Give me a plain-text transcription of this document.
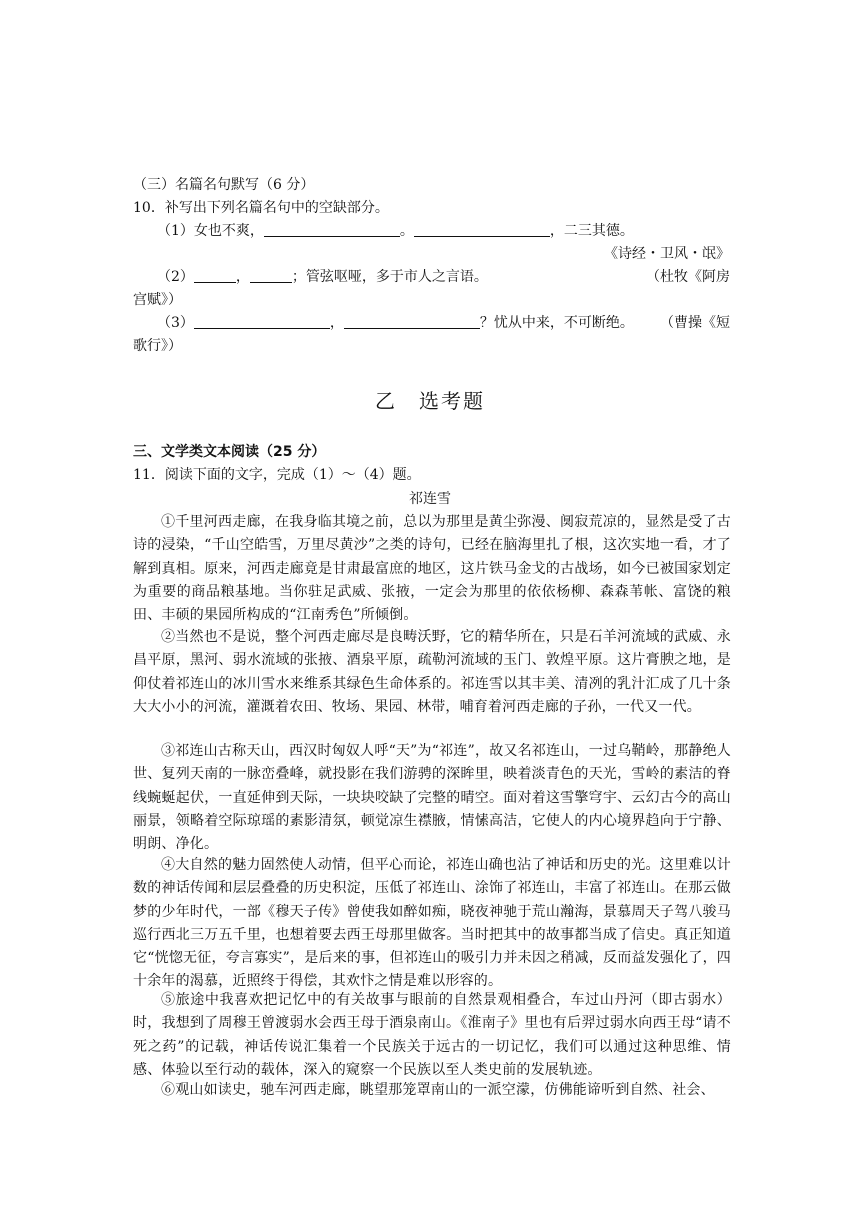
（三）名篇名句默写（6 分）
10．补写出下列名篇名句中的空缺部分。
（1）女也不爽，	。	，二三其德。
《诗经・卫风・氓》
（2）	，	；管弦呕哑，多于市人之言语。	（杜牧《阿房
宫赋》）
（3）	，	？忧从中来，不可断绝。	（曹操《短
歌行》）
乙　选考题
三、文学类文本阅读（25 分）
11．阅读下面的文字，完成（1）～（4）题。
祁连雪
①千里河西走廊，在我身临其境之前，总以为那里是黄尘弥漫、阒寂荒凉的，显然是受了古诗的浸染，“千山空皓雪，万里尽黄沙”之类的诗句，已经在脑海里扎了根，这次实地一看，才了解到真相。原来，河西走廊竟是甘肃最富庶的地区，这片铁马金戈的古战场，如今已被国家划定为重要的商品粮基地。当你驻足武威、张掖，一定会为那里的依依杨柳、森森苇帐、富饶的粮田、丰硕的果园所构成的“江南秀色”所倾倒。
②当然也不是说，整个河西走廊尽是良畴沃野，它的精华所在，只是石羊河流域的武威、永昌平原，黑河、弱水流域的张掖、酒泉平原，疏勒河流域的玉门、敦煌平原。这片膏腴之地，是仰仗着祁连山的冰川雪水来维系其绿色生命体系的。祁连雪以其丰美、清冽的乳汁汇成了几十条大大小小的河流，灌溉着农田、牧场、果园、林带，哺育着河西走廊的子孙，一代又一代。
③祁连山古称天山，西汉时匈奴人呼“天”为“祁连”，故又名祁连山，一过乌鞘岭，那静绝人世、复列天南的一脉峦叠峰，就投影在我们游骋的深眸里，映着淡青色的天光，雪岭的素洁的脊线蜿蜒起伏，一直延伸到天际，一块块咬缺了完整的晴空。面对着这雪擎穹宇、云幻古今的高山丽景，领略着空际琼瑶的素影清氛，顿觉凉生襟腋，情愫高洁，它使人的内心境界趋向于宁静、明朗、净化。
④大自然的魅力固然使人动情，但平心而论，祁连山确也沾了神话和历史的光。这里难以计数的神话传闻和层层叠叠的历史积淀，压低了祁连山、涂饰了祁连山，丰富了祁连山。在那云做梦的少年时代，一部《穆天子传》曾使我如醉如痴，晓夜神驰于荒山瀚海，景慕周天子驾八骏马巡行西北三万五千里，也想着要去西王母那里做客。当时把其中的故事都当成了信史。真正知道它“恍惚无征，夸言寡实”，是后来的事，但祁连山的吸引力并未因之稍减，反而益发强化了，四十余年的渴慕，近照终于得偿，其欢忭之情是难以形容的。
⑤旅途中我喜欢把记忆中的有关故事与眼前的自然景观相叠合，车过山丹河（即古弱水）时，我想到了周穆王曾渡弱水会西王母于酒泉南山。《淮南子》里也有后羿过弱水向西王母“请不死之药”的记载，神话传说汇集着一个民族关于远古的一切记忆，我们可以通过这种思维、情感、体验以至行动的载体，深入的窥察一个民族以至人类史前的发展轨迹。
⑥观山如读史，驰车河西走廊，眺望那笼罩南山的一派空濛，仿佛能谛听到自然、社会、
